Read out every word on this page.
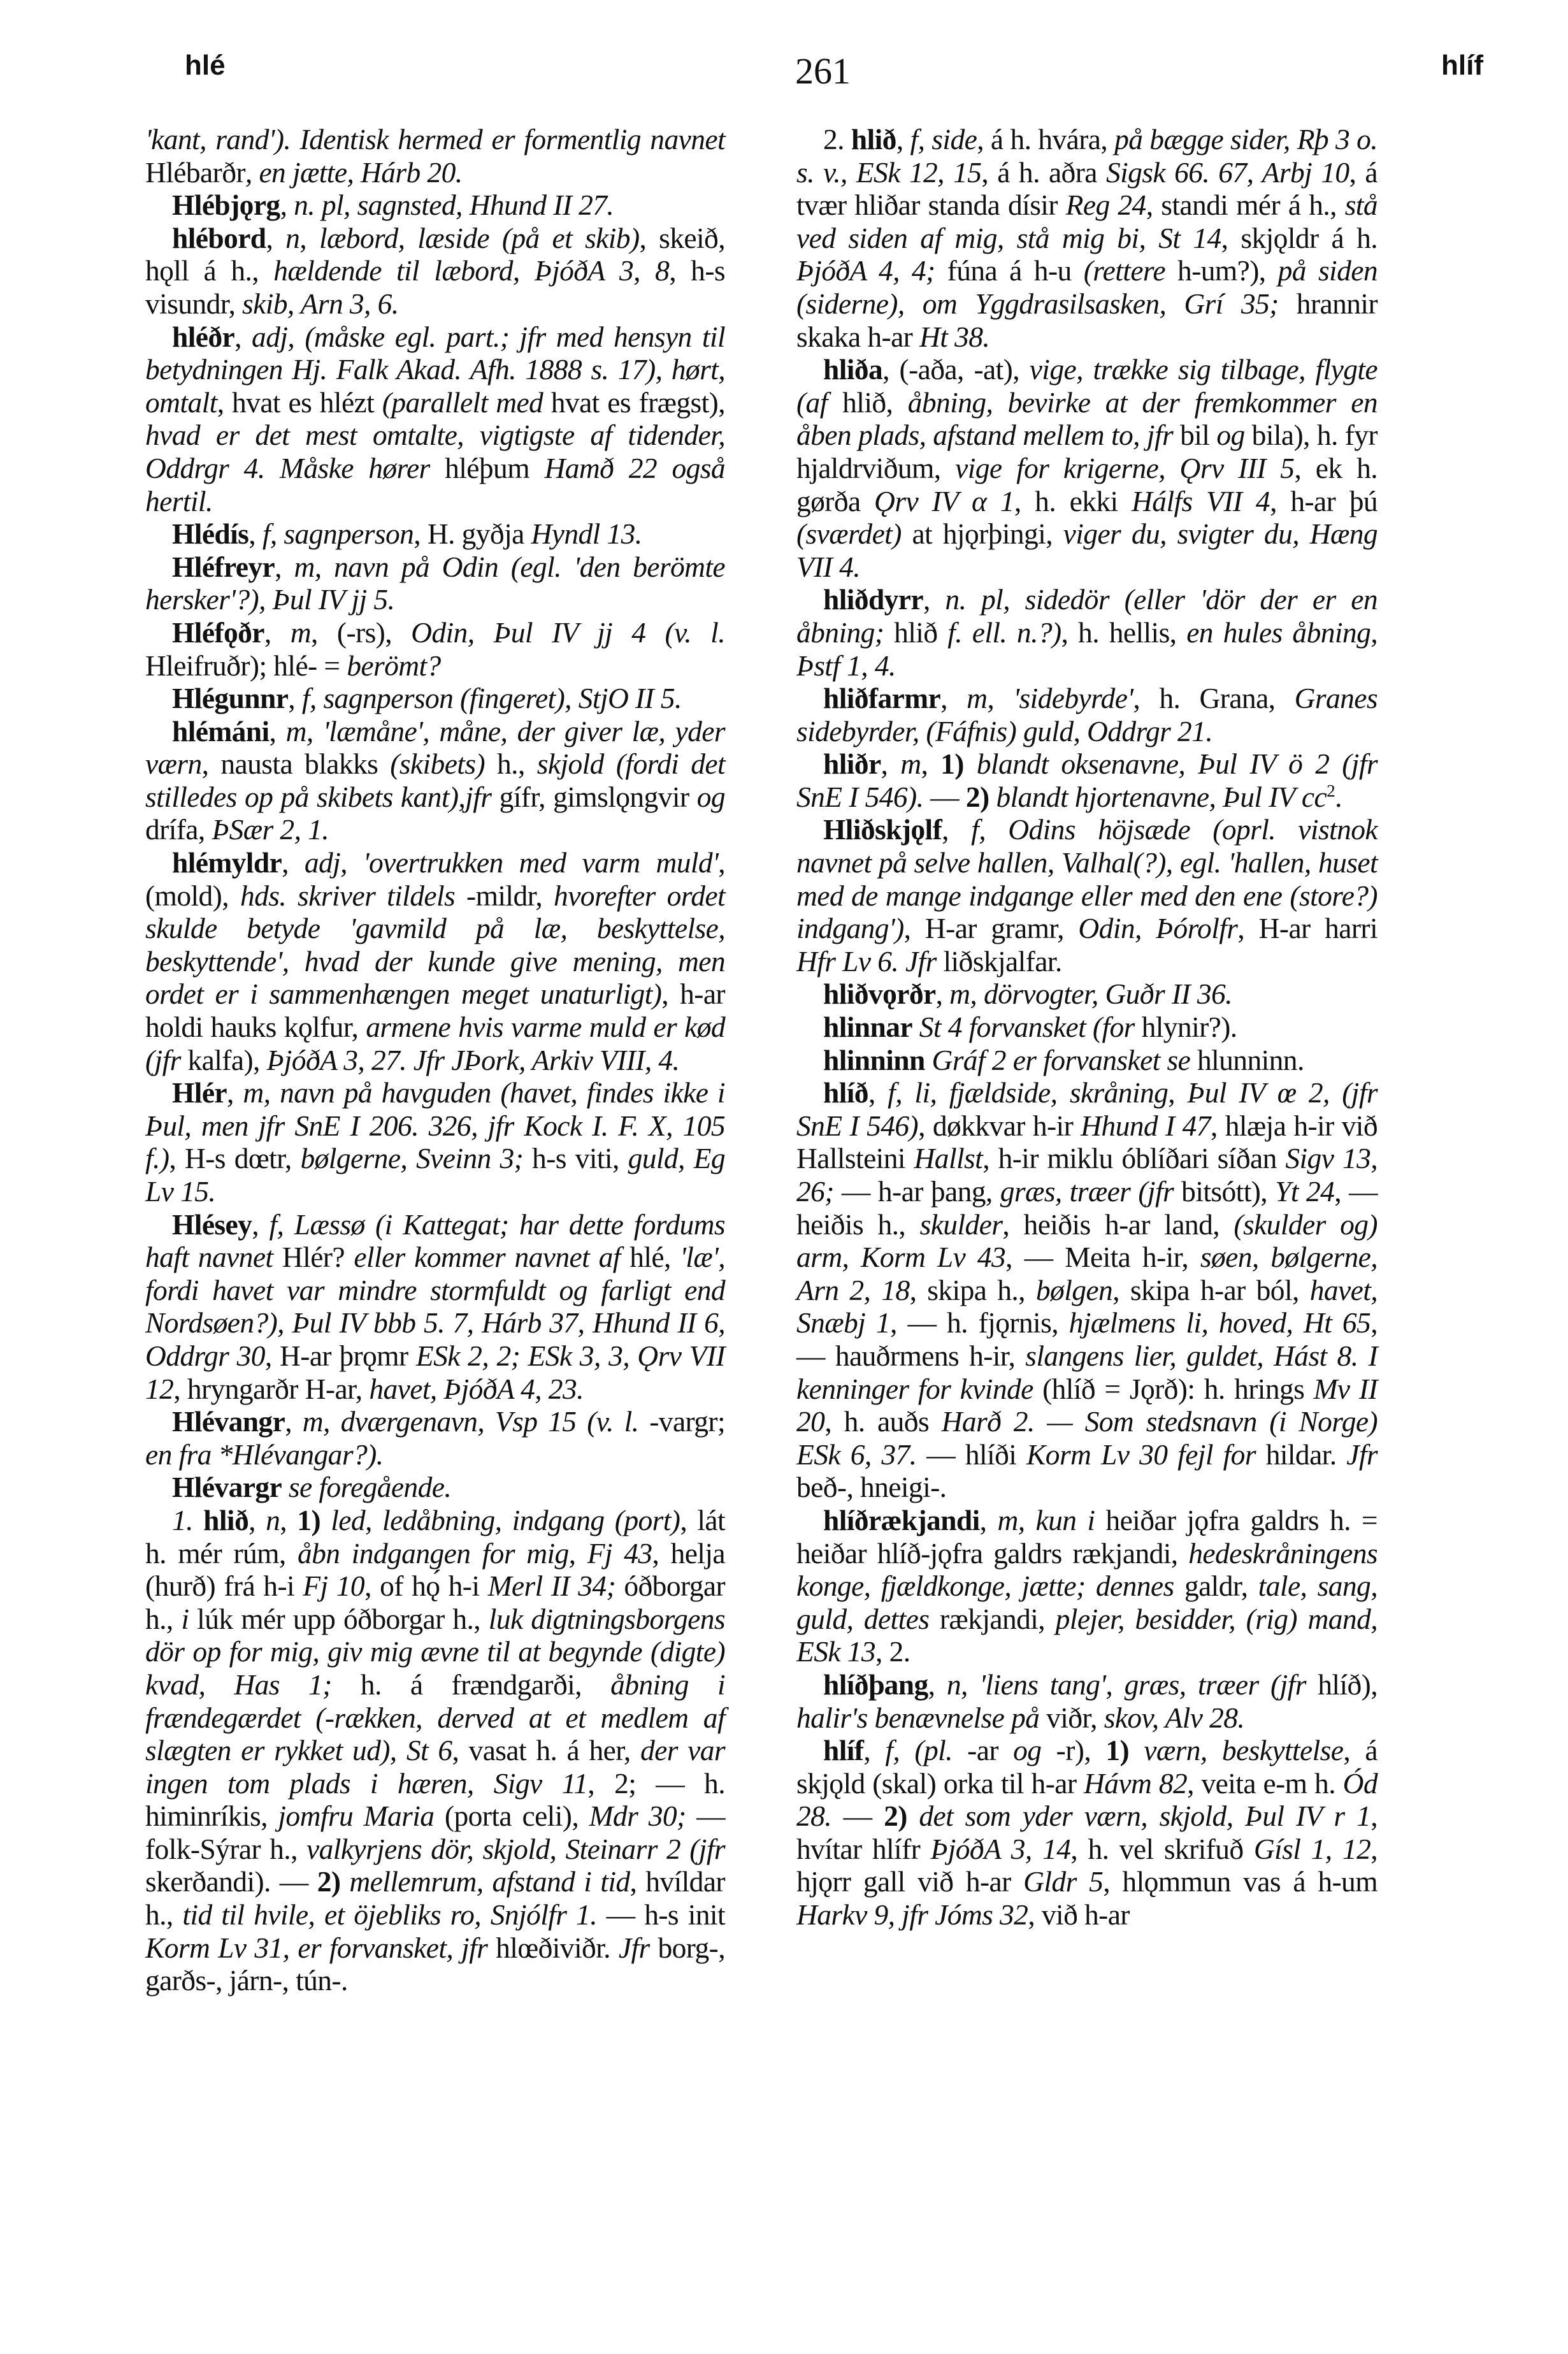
hlé	261	hlíf

'kant, rand'). Identisk hermed er formentlig navnet Hlébarðr, en jætte, Hárb 20.

Hlébjǫrg, n. pl, sagnsted, Hhund II 27.

hlébord, n, læbord, læside (på et skib), skeið, hǫll á h., hældende til læbord, ÞjóðA 3, 8, h-s visundr, skib, Arn 3, 6.

hléðr, adj, (måske egl. part.; jfr med hensyn til betydningen Hj. Falk Akad. Afh. 1888 s. 17), hørt, omtalt, hvat es hlézt (parallelt med hvat es frægst), hvad er det mest omtalte, vigtigste af tidender, Oddrgr 4. Måske hører hléþum Hamð 22 også hertil.

Hlédís, f, sagnperson, H. gyðja Hyndl 13.

Hléfreyr, m, navn på Odin (egl. 'den berömte hersker'?), Þul IV jj 5.

Hléfǫðr, m, (-rs), Odin, Þul IV jj 4 (v. l. Hleifruðr); hlé- = berömt?

Hlégunnr, f, sagnperson (fingeret), StjO II 5.

hlémáni, m, 'læmåne', måne, der giver læ, yder værn, nausta blakks (skibets) h., skjold (fordi det stilledes op på skibets kant),jfr gífr, gimslǫngvir og drífa, ÞSær 2, 1.

hlémyldr, adj, 'overtrukken med varm muld', (mold), hds. skriver tildels -mildr, hvorefter ordet skulde betyde 'gavmild på læ, beskyttelse, beskyttende', hvad der kunde give mening, men ordet er i sammenhængen meget unaturligt), h-ar holdi hauks kǫlfur, armene hvis varme muld er kød (jfr kalfa), ÞjóðA 3, 27. Jfr JÞork, Arkiv VIII, 4.

Hlér, m, navn på havguden (havet, findes ikke i Þul, men jfr SnE I 206. 326, jfr Kock I. F. X, 105 f.), H-s dœtr, bølgerne, Sveinn 3; h-s viti, guld, Eg Lv 15.

Hlésey, f, Læssø (i Kattegat; har dette fordums haft navnet Hlér? eller kommer navnet af hlé, 'læ', fordi havet var mindre stormfuldt og farligt end Nordsøen?), Þul IV bbb 5. 7, Hárb 37, Hhund II 6, Oddrgr 30, H-ar þrǫmr ESk 2, 2; ESk 3, 3, Ǫrv VII 12, hryngarðr H-ar, havet, ÞjóðA 4, 23.

Hlévangr, m, dværgenavn, Vsp 15 (v. l. -vargr; en fra *Hlévangar?).

Hlévargr se foregående.

1. hlið, n, 1) led, ledåbning, indgang (port), lát h. mér rúm, åbn indgangen for mig, Fj 43, helja (hurð) frá h-i Fj 10, of hǫ́ h-i Merl II 34; óðborgar h., i lúk mér upp óðborgar h., luk digtningsborgens dör op for mig, giv mig ævne til at begynde (digte) kvad, Has 1; h. á frændgarði, åbning i frændegærdet (-rækken, derved at et medlem af slægten er rykket ud), St 6, vasat h. á her, der var ingen tom plads i hæren, Sigv 11, 2; — h. himinríkis, jomfru Maria (porta celi), Mdr 30; — folk-Sýrar h., valkyrjens dör, skjold, Steinarr 2 (jfr skerðandi). — 2) mellemrum, afstand i tid, hvíldar h., tid til hvile, et öjebliks ro, Snjólfr 1. — h-s init Korm Lv 31, er forvansket, jfr hlœðiviðr. Jfr borg-, garðs-, járn-, tún-.

2. hlið, f, side, á h. hvára, på bægge sider, Rþ 3 o. s. v., ESk 12, 15, á h. aðra Sigsk 66. 67, Arbj 10, á tvær hliðar standa dísir Reg 24, standi mér á h., stå ved siden af mig, stå mig bi, St 14, skjǫldr á h. ÞjóðA 4, 4; fúna á h-u (rettere h-um?), på siden (siderne), om Yggdrasilsasken, Grí 35; hrannir skaka h-ar Ht 38.

hliða, (-aða, -at), vige, trække sig tilbage, flygte (af hlið, åbning, bevirke at der fremkommer en åben plads, afstand mellem to, jfr bil og bila), h. fyr hjaldrviðum, vige for krigerne, Ǫrv III 5, ek h. gørða Ǫrv IV α 1, h. ekki Hálfs VII 4, h-ar þú (sværdet) at hjǫrþingi, viger du, svigter du, Hæng VII 4.

hliðdyrr, n. pl, sidedör (eller 'dör der er en åbning; hlið f. ell. n.?), h. hellis, en hules åbning, Þstf 1, 4.

hliðfarmr, m, 'sidebyrde', h. Grana, Granes sidebyrder, (Fáfnis) guld, Oddrgr 21.

hliðr, m, 1) blandt oksenavne, Þul IV ö 2 (jfr SnE I 546). — 2) blandt hjortenavne, Þul IV $cc^2$.

Hliðskjǫlf, f, Odins höjsæde (oprl. vistnok navnet på selve hallen, Valhal(?), egl. 'hallen, huset med de mange indgange eller med den ene (store?) indgang'), H-ar gramr, Odin, Þórolfr, H-ar harri Hfr Lv 6. Jfr liðskjalfar.

hliðvǫrðr, m, dörvogter, Guðr II 36.

hlinnar St 4 forvansket (for hlynir?).

hlinninn Gráf 2 er forvansket se hlunninn.

hlíð, f, li, fjældside, skråning, Þul IV œ 2, (jfr SnE I 546), døkkvar h-ir Hhund I 47, hlæja h-ir við Hallsteini Hallst, h-ir miklu óblíðari síðan Sigv 13, 26; — h-ar þang, græs, træer (jfr bitsótt), Yt 24, — heiðis h., skulder, heiðis h-ar land, (skulder og) arm, Korm Lv 43, — Meita h-ir, søen, bølgerne, Arn 2, 18, skipa h., bølgen, skipa h-ar ból, havet, Snæbj 1, — h. fjǫrnis, hjælmens li, hoved, Ht 65, — hauðrmens h-ir, slangens lier, guldet, Hást 8. I kenninger for kvinde (hlíð = Jǫrð): h. hrings Mv II 20, h. auðs Harð 2. — Som stedsnavn (i Norge) ESk 6, 37. — hlíði Korm Lv 30 fejl for hildar. Jfr beð-, hneigi-.

hlíðrækjandi, m, kun i heiðar jǫfra galdrs h. = heiðar hlíð-jǫfra galdrs rækjandi, hedeskråningens konge, fjældkonge, jætte; dennes galdr, tale, sang, guld, dettes rækjandi, plejer, besidder, (rig) mand, ESk 13, 2.

hlíðþang, n, 'liens tang', græs, træer (jfr hlíð), halir's benævnelse på viðr, skov, Alv 28.

hlíf, f, (pl. -ar og -r), 1) værn, beskyttelse, á skjǫld (skal) orka til h-ar Hávm 82, veita e-m h. Ód 28. — 2) det som yder værn, skjold, Þul IV r 1, hvítar hlífr ÞjóðA 3, 14, h. vel skrifuð Gísl 1, 12, hjǫrr gall við h-ar Gldr 5, hlǫmmun vas á h-um Harkv 9, jfr Jóms 32, við h-ar
